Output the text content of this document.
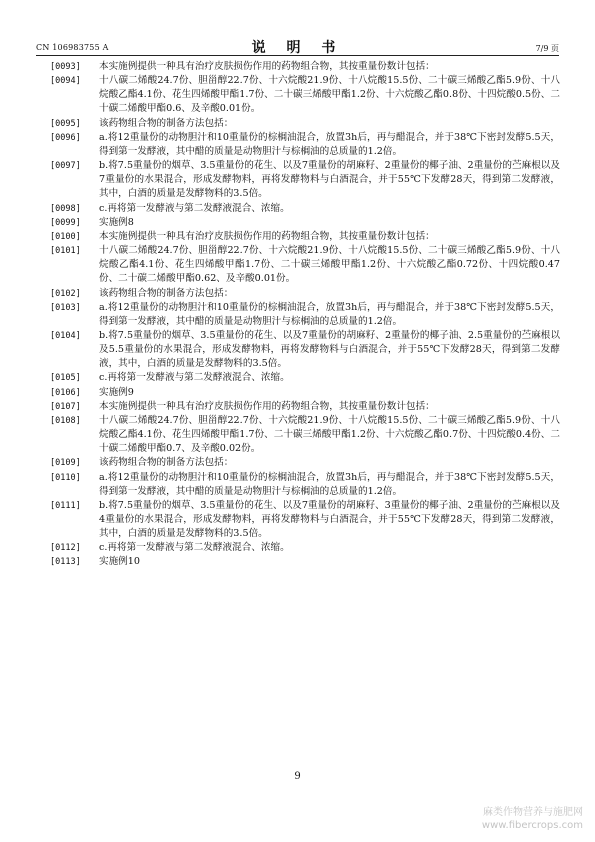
CN 106983755 A	说 明 书	7/9 页
[0093] 本实施例提供一种具有治疗皮肤损伤作用的药物组合物，其按重量份数计包括：
[0094] 十八碳二烯酸24.7份、胆甾醇22.7份、十六烷酸21.9份、十八烷酸15.5份、二十碳三烯酸乙酯5.9份、十八烷酸乙酯4.1份、花生四烯酸甲酯1.7份、二十碳三烯酸甲酯1.2份、十六烷酸乙酯0.8份、十四烷酸0.5份、二十碳二烯酸甲酯0.6、及辛酸0.01份。
[0095] 该药物组合物的制备方法包括：
[0096] a.将12重量份的动物胆汁和10重量份的棕榈油混合，放置3h后，再与醋混合，并于38℃下密封发酵5.5天，得到第一发酵液，其中醋的质量是动物胆汁与棕榈油的总质量的1.2倍。
[0097] b.将7.5重量份的烟草、3.5重量份的花生、以及7重量份的胡麻籽、2重量份的椰子油、2重量份的苎麻根以及7重量份的水果混合，形成发酵物料，再将发酵物料与白酒混合，并于55℃下发酵28天，得到第二发酵液，其中，白酒的质量是发酵物料的3.5倍。
[0098] c.再将第一发酵液与第二发酵液混合、浓缩。
[0099] 实施例8
[0100] 本实施例提供一种具有治疗皮肤损伤作用的药物组合物，其按重量份数计包括：
[0101] 十八碳二烯酸24.7份、胆甾醇22.7份、十六烷酸21.9份、十八烷酸15.5份、二十碳三烯酸乙酯5.9份、十八烷酸乙酯4.1份、花生四烯酸甲酯1.7份、二十碳三烯酸甲酯1.2份、十六烷酸乙酯0.72份、十四烷酸0.47份、二十碳二烯酸甲酯0.62、及辛酸0.01份。
[0102] 该药物组合物的制备方法包括：
[0103] a.将12重量份的动物胆汁和10重量份的棕榈油混合，放置3h后，再与醋混合，并于38℃下密封发酵5.5天，得到第一发酵液，其中醋的质量是动物胆汁与棕榈油的总质量的1.2倍。
[0104] b.将7.5重量份的烟草、3.5重量份的花生、以及7重量份的胡麻籽、2重量份的椰子油、2.5重量份的苎麻根以及5.5重量份的水果混合，形成发酵物料，再将发酵物料与白酒混合，并于55℃下发酵28天，得到第二发酵液，其中，白酒的质量是发酵物料的3.5倍。
[0105] c.再将第一发酵液与第二发酵液混合、浓缩。
[0106] 实施例9
[0107] 本实施例提供一种具有治疗皮肤损伤作用的药物组合物，其按重量份数计包括：
[0108] 十八碳二烯酸24.7份、胆甾醇22.7份、十六烷酸21.9份、十八烷酸15.5份、二十碳三烯酸乙酯5.9份、十八烷酸乙酯4.1份、花生四烯酸甲酯1.7份、二十碳三烯酸甲酯1.2份、十六烷酸乙酯0.7份、十四烷酸0.4份、二十碳二烯酸甲酯0.7、及辛酸0.02份。
[0109] 该药物组合物的制备方法包括：
[0110] a.将12重量份的动物胆汁和10重量份的棕榈油混合，放置3h后，再与醋混合，并于38℃下密封发酵5.5天，得到第一发酵液，其中醋的质量是动物胆汁与棕榈油的总质量的1.2倍。
[0111] b.将7.5重量份的烟草、3.5重量份的花生、以及7重量份的胡麻籽、3重量份的椰子油、2重量份的苎麻根以及4重量份的水果混合，形成发酵物料，再将发酵物料与白酒混合，并于55℃下发酵28天，得到第二发酵液，其中，白酒的质量是发酵物料的3.5倍。
[0112] c.再将第一发酵液与第二发酵液混合、浓缩。
[0113] 实施例10
9
麻类作物营养与施肥网
www.fibercrops.com
